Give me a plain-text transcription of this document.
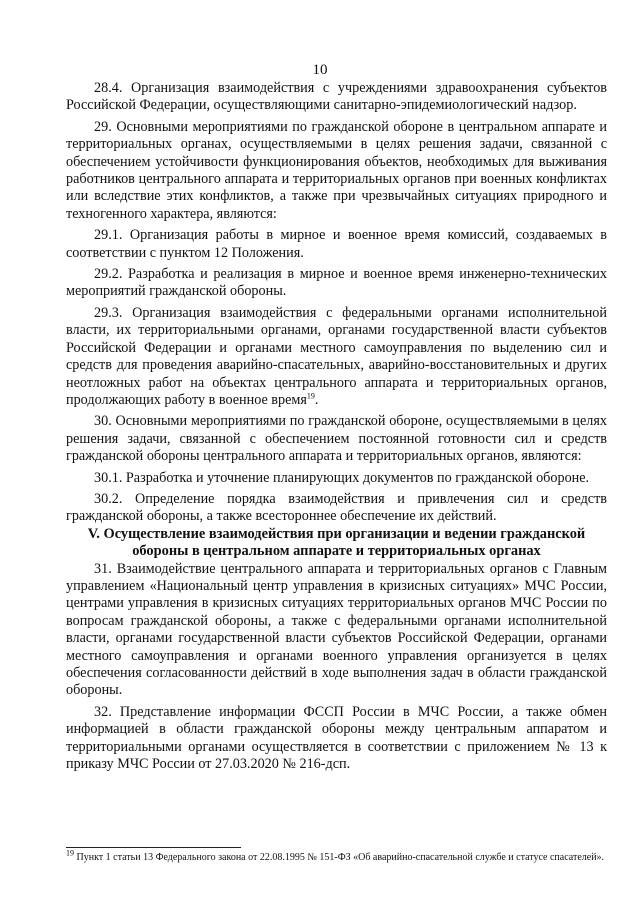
10

28.4. Организация взаимодействия с учреждениями здравоохранения субъектов Российской Федерации, осуществляющими санитарно-эпидемиологический надзор.

29. Основными мероприятиями по гражданской обороне в центральном аппарате и территориальных органах, осуществляемыми в целях решения задачи, связанной с обеспечением устойчивости функционирования объектов, необходимых для выживания работников центрального аппарата и территориальных органов при военных конфликтах или вследствие этих конфликтов, а также при чрезвычайных ситуациях природного и техногенного характера, являются:

29.1. Организация работы в мирное и военное время комиссий, создаваемых в соответствии с пунктом 12 Положения.

29.2. Разработка и реализация в мирное и военное время инженерно-технических мероприятий гражданской обороны.

29.3. Организация взаимодействия с федеральными органами исполнительной власти, их территориальными органами, органами государственной власти субъектов Российской Федерации и органами местного самоуправления по выделению сил и средств для проведения аварийно-спасательных, аварийно-восстановительных и других неотложных работ на объектах центрального аппарата и территориальных органов, продолжающих работу в военное время$^{19}$.

30. Основными мероприятиями по гражданской обороне, осуществляемыми в целях решения задачи, связанной с обеспечением постоянной готовности сил и средств гражданской обороны центрального аппарата и территориальных органов, являются:

30.1. Разработка и уточнение планирующих документов по гражданской обороне.

30.2. Определение порядка взаимодействия и привлечения сил и средств гражданской обороны, а также всестороннее обеспечение их действий.

V. Осуществление взаимодействия при организации и ведении гражданской обороны в центральном аппарате и территориальных органах

31. Взаимодействие центрального аппарата и территориальных органов с Главным управлением «Национальный центр управления в кризисных ситуациях» МЧС России, центрами управления в кризисных ситуациях территориальных органов МЧС России по вопросам гражданской обороны, а также с федеральными органами исполнительной власти, органами государственной власти субъектов Российской Федерации, органами местного самоуправления и органами военного управления организуется в целях обеспечения согласованности действий в ходе выполнения задач в области гражданской обороны.

32. Представление информации ФССП России в МЧС России, а также обмен информацией в области гражданской обороны между центральным аппаратом и территориальными органами осуществляется в соответствии с приложением № 13 к приказу МЧС России от 27.03.2020 № 216-дсп.

$^{19}$ Пункт 1 статьи 13 Федерального закона от 22.08.1995 № 151-ФЗ «Об аварийно-спасательной службе и статусе спасателей».
